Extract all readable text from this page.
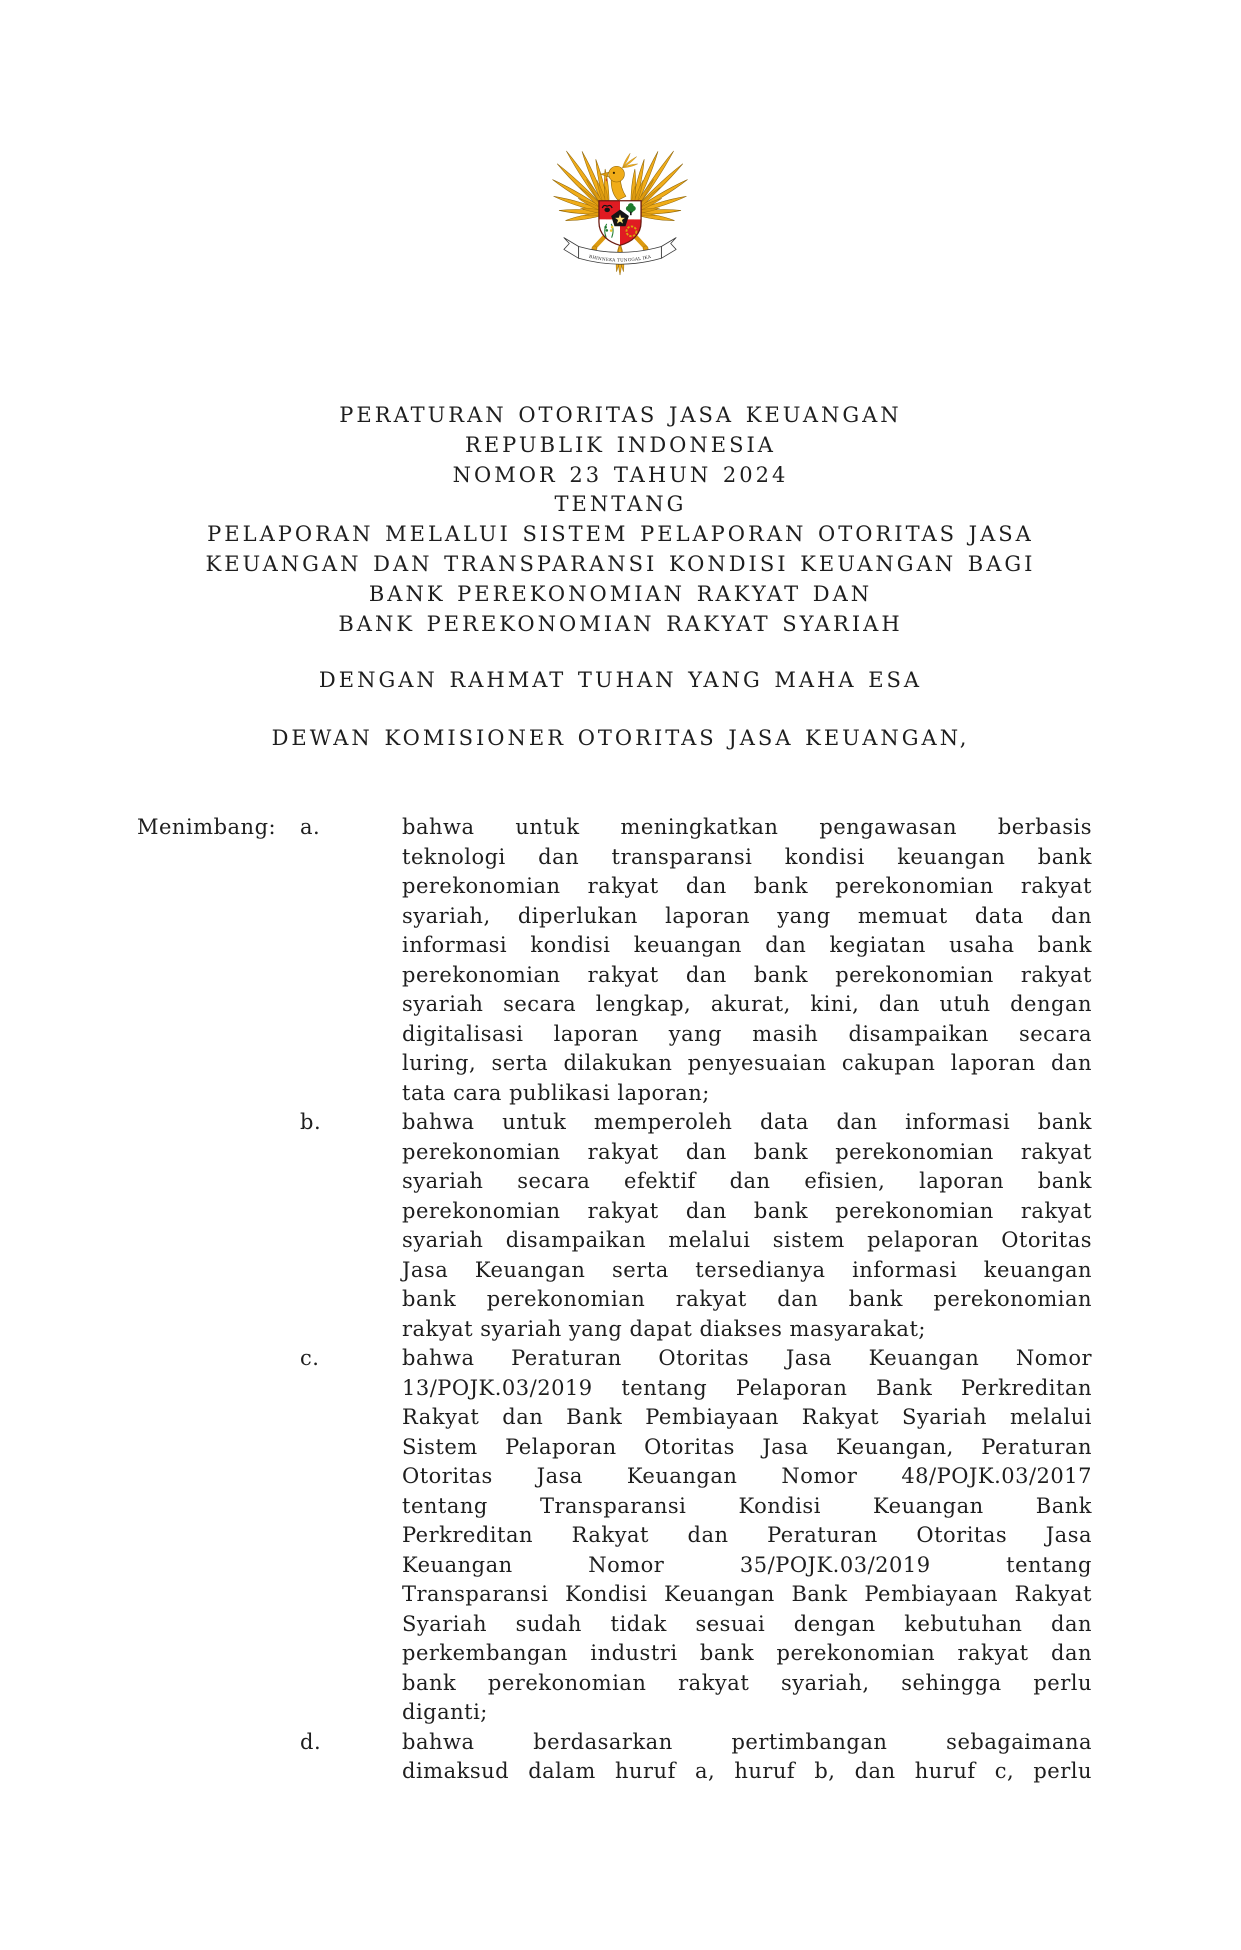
BHINNEKA TUNGGAL IKA
PERATURAN OTORITAS JASA KEUANGAN
REPUBLIK INDONESIA
NOMOR 23 TAHUN 2024
TENTANG
PELAPORAN MELALUI SISTEM PELAPORAN OTORITAS JASA
KEUANGAN DAN TRANSPARANSI KONDISI KEUANGAN BAGI
BANK PEREKONOMIAN RAKYAT DAN
BANK PEREKONOMIAN RAKYAT SYARIAH
DENGAN RAHMAT TUHAN YANG MAHA ESA
DEWAN KOMISIONER OTORITAS JASA KEUANGAN,
Menimbang: a.	bahwa untuk meningkatkan pengawasan berbasis
teknologi dan transparansi kondisi keuangan bank
perekonomian rakyat dan bank perekonomian rakyat
syariah, diperlukan laporan yang memuat data dan
informasi kondisi keuangan dan kegiatan usaha bank
perekonomian rakyat dan bank perekonomian rakyat
syariah secara lengkap, akurat, kini, dan utuh dengan
digitalisasi laporan yang masih disampaikan secara
luring, serta dilakukan penyesuaian cakupan laporan dan
tata cara publikasi laporan;
b.	bahwa untuk memperoleh data dan informasi bank
perekonomian rakyat dan bank perekonomian rakyat
syariah secara efektif dan efisien, laporan bank
perekonomian rakyat dan bank perekonomian rakyat
syariah disampaikan melalui sistem pelaporan Otoritas
Jasa Keuangan serta tersedianya informasi keuangan
bank perekonomian rakyat dan bank perekonomian
rakyat syariah yang dapat diakses masyarakat;
c.	bahwa Peraturan Otoritas Jasa Keuangan Nomor
13/POJK.03/2019 tentang Pelaporan Bank Perkreditan
Rakyat dan Bank Pembiayaan Rakyat Syariah melalui
Sistem Pelaporan Otoritas Jasa Keuangan, Peraturan
Otoritas Jasa Keuangan Nomor 48/POJK.03/2017
tentang Transparansi Kondisi Keuangan Bank
Perkreditan Rakyat dan Peraturan Otoritas Jasa
Keuangan Nomor 35/POJK.03/2019 tentang
Transparansi Kondisi Keuangan Bank Pembiayaan Rakyat
Syariah sudah tidak sesuai dengan kebutuhan dan
perkembangan industri bank perekonomian rakyat dan
bank perekonomian rakyat syariah, sehingga perlu
diganti;
d.	bahwa berdasarkan pertimbangan sebagaimana
dimaksud dalam huruf a, huruf b, dan huruf c, perlu
